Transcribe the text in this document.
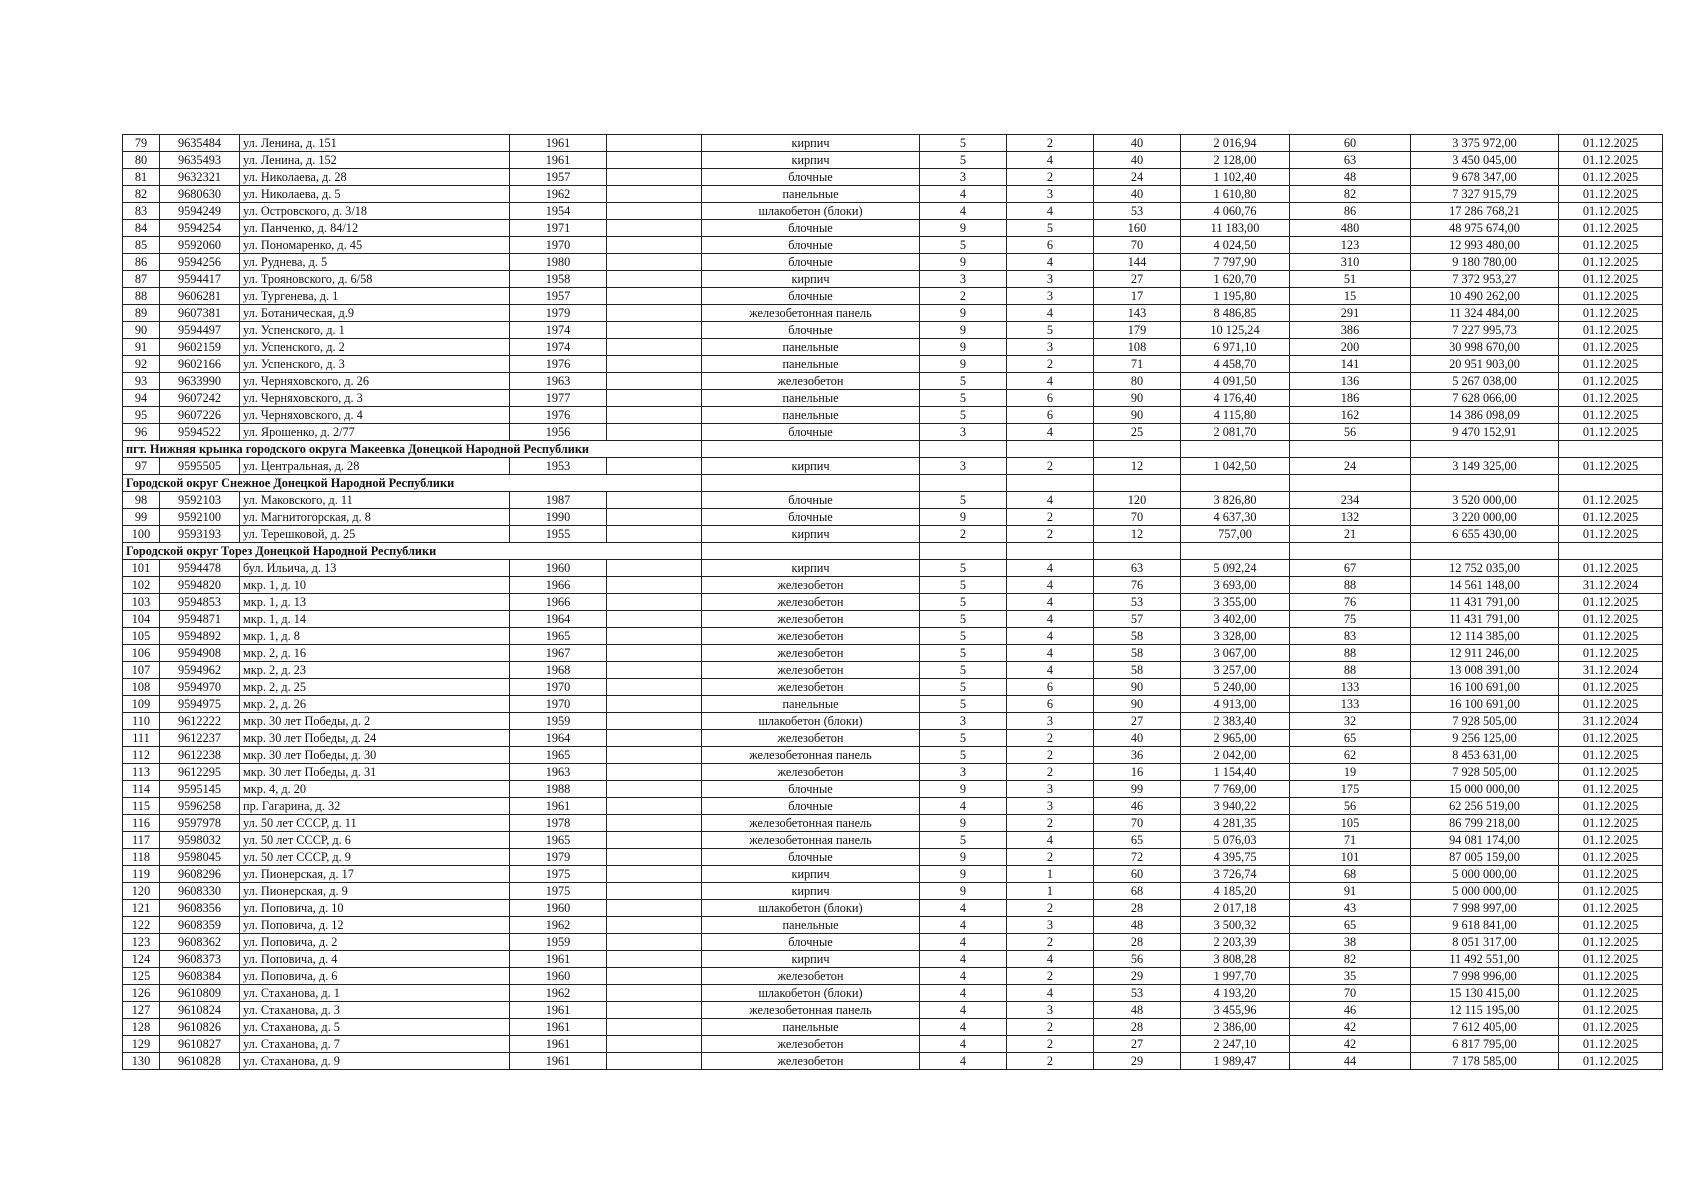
79	9635484	ул. Ленина, д. 151	1961		кирпич	5	2	40	2 016,94	60	3 375 972,00	01.12.2025
80	9635493	ул. Ленина, д. 152	1961		кирпич	5	4	40	2 128,00	63	3 450 045,00	01.12.2025
81	9632321	ул. Николаева, д. 28	1957		блочные	3	2	24	1 102,40	48	9 678 347,00	01.12.2025
82	9680630	ул. Николаева, д. 5	1962		панельные	4	3	40	1 610,80	82	7 327 915,79	01.12.2025
83	9594249	ул. Островского, д. 3/18	1954		шлакобетон (блоки)	4	4	53	4 060,76	86	17 286 768,21	01.12.2025
84	9594254	ул. Панченко, д. 84/12	1971		блочные	9	5	160	11 183,00	480	48 975 674,00	01.12.2025
85	9592060	ул. Пономаренко, д. 45	1970		блочные	5	6	70	4 024,50	123	12 993 480,00	01.12.2025
86	9594256	ул. Руднева, д. 5	1980		блочные	9	4	144	7 797,90	310	9 180 780,00	01.12.2025
87	9594417	ул. Трояновского, д. 6/58	1958		кирпич	3	3	27	1 620,70	51	7 372 953,27	01.12.2025
88	9606281	ул. Тургенева, д. 1	1957		блочные	2	3	17	1 195,80	15	10 490 262,00	01.12.2025
89	9607381	ул. Ботаническая, д.9	1979		железобетонная панель	9	4	143	8 486,85	291	11 324 484,00	01.12.2025
90	9594497	ул. Успенского, д. 1	1974		блочные	9	5	179	10 125,24	386	7 227 995,73	01.12.2025
91	9602159	ул. Успенского, д. 2	1974		панельные	9	3	108	6 971,10	200	30 998 670,00	01.12.2025
92	9602166	ул. Успенского, д. 3	1976		панельные	9	2	71	4 458,70	141	20 951 903,00	01.12.2025
93	9633990	ул. Черняховского, д. 26	1963		железобетон	5	4	80	4 091,50	136	5 267 038,00	01.12.2025
94	9607242	ул. Черняховского, д. 3	1977		панельные	5	6	90	4 176,40	186	7 628 066,00	01.12.2025
95	9607226	ул. Черняховского, д. 4	1976		панельные	5	6	90	4 115,80	162	14 386 098,09	01.12.2025
96	9594522	ул. Ярошенко, д. 2/77	1956		блочные	3	4	25	2 081,70	56	9 470 152,91	01.12.2025
пгт. Нижняя крынка городского округа Макеевка Донецкой Народной Республики												
97	9595505	ул. Центральная, д. 28	1953		кирпич	3	2	12	1 042,50	24	3 149 325,00	01.12.2025
Городской округ Снежное Донецкой Народной Республики												
98	9592103	ул. Маковского, д. 11	1987		блочные	5	4	120	3 826,80	234	3 520 000,00	01.12.2025
99	9592100	ул. Магнитогорская, д. 8	1990		блочные	9	2	70	4 637,30	132	3 220 000,00	01.12.2025
100	9593193	ул. Терешковой, д. 25	1955		кирпич	2	2	12	757,00	21	6 655 430,00	01.12.2025
Городской округ Торез Донецкой Народной Республики												
101	9594478	бул. Ильича, д. 13	1960		кирпич	5	4	63	5 092,24	67	12 752 035,00	01.12.2025
102	9594820	мкр. 1, д. 10	1966		железобетон	5	4	76	3 693,00	88	14 561 148,00	31.12.2024
103	9594853	мкр. 1, д. 13	1966		железобетон	5	4	53	3 355,00	76	11 431 791,00	01.12.2025
104	9594871	мкр. 1, д. 14	1964		железобетон	5	4	57	3 402,00	75	11 431 791,00	01.12.2025
105	9594892	мкр. 1, д. 8	1965		железобетон	5	4	58	3 328,00	83	12 114 385,00	01.12.2025
106	9594908	мкр. 2, д. 16	1967		железобетон	5	4	58	3 067,00	88	12 911 246,00	01.12.2025
107	9594962	мкр. 2, д. 23	1968		железобетон	5	4	58	3 257,00	88	13 008 391,00	31.12.2024
108	9594970	мкр. 2, д. 25	1970		железобетон	5	6	90	5 240,00	133	16 100 691,00	01.12.2025
109	9594975	мкр. 2, д. 26	1970		панельные	5	6	90	4 913,00	133	16 100 691,00	01.12.2025
110	9612222	мкр. 30 лет Победы, д. 2	1959		шлакобетон (блоки)	3	3	27	2 383,40	32	7 928 505,00	31.12.2024
111	9612237	мкр. 30 лет Победы, д. 24	1964		железобетон	5	2	40	2 965,00	65	9 256 125,00	01.12.2025
112	9612238	мкр. 30 лет Победы, д. 30	1965		железобетонная панель	5	2	36	2 042,00	62	8 453 631,00	01.12.2025
113	9612295	мкр. 30 лет Победы, д. 31	1963		железобетон	3	2	16	1 154,40	19	7 928 505,00	01.12.2025
114	9595145	мкр. 4, д. 20	1988		блочные	9	3	99	7 769,00	175	15 000 000,00	01.12.2025
115	9596258	пр. Гагарина, д. 32	1961		блочные	4	3	46	3 940,22	56	62 256 519,00	01.12.2025
116	9597978	ул. 50 лет СССР, д. 11	1978		железобетонная панель	9	2	70	4 281,35	105	86 799 218,00	01.12.2025
117	9598032	ул. 50 лет СССР, д. 6	1965		железобетонная панель	5	4	65	5 076,03	71	94 081 174,00	01.12.2025
118	9598045	ул. 50 лет СССР, д. 9	1979		блочные	9	2	72	4 395,75	101	87 005 159,00	01.12.2025
119	9608296	ул. Пионерская, д. 17	1975		кирпич	9	1	60	3 726,74	68	5 000 000,00	01.12.2025
120	9608330	ул. Пионерская, д. 9	1975		кирпич	9	1	68	4 185,20	91	5 000 000,00	01.12.2025
121	9608356	ул. Поповича, д. 10	1960		шлакобетон (блоки)	4	2	28	2 017,18	43	7 998 997,00	01.12.2025
122	9608359	ул. Поповича, д. 12	1962		панельные	4	3	48	3 500,32	65	9 618 841,00	01.12.2025
123	9608362	ул. Поповича, д. 2	1959		блочные	4	2	28	2 203,39	38	8 051 317,00	01.12.2025
124	9608373	ул. Поповича, д. 4	1961		кирпич	4	4	56	3 808,28	82	11 492 551,00	01.12.2025
125	9608384	ул. Поповича, д. 6	1960		железобетон	4	2	29	1 997,70	35	7 998 996,00	01.12.2025
126	9610809	ул. Стаханова, д. 1	1962		шлакобетон (блоки)	4	4	53	4 193,20	70	15 130 415,00	01.12.2025
127	9610824	ул. Стаханова, д. 3	1961		железобетонная панель	4	3	48	3 455,96	46	12 115 195,00	01.12.2025
128	9610826	ул. Стаханова, д. 5	1961		панельные	4	2	28	2 386,00	42	7 612 405,00	01.12.2025
129	9610827	ул. Стаханова, д. 7	1961		железобетон	4	2	27	2 247,10	42	6 817 795,00	01.12.2025
130	9610828	ул. Стаханова, д. 9	1961		железобетон	4	2	29	1 989,47	44	7 178 585,00	01.12.2025
